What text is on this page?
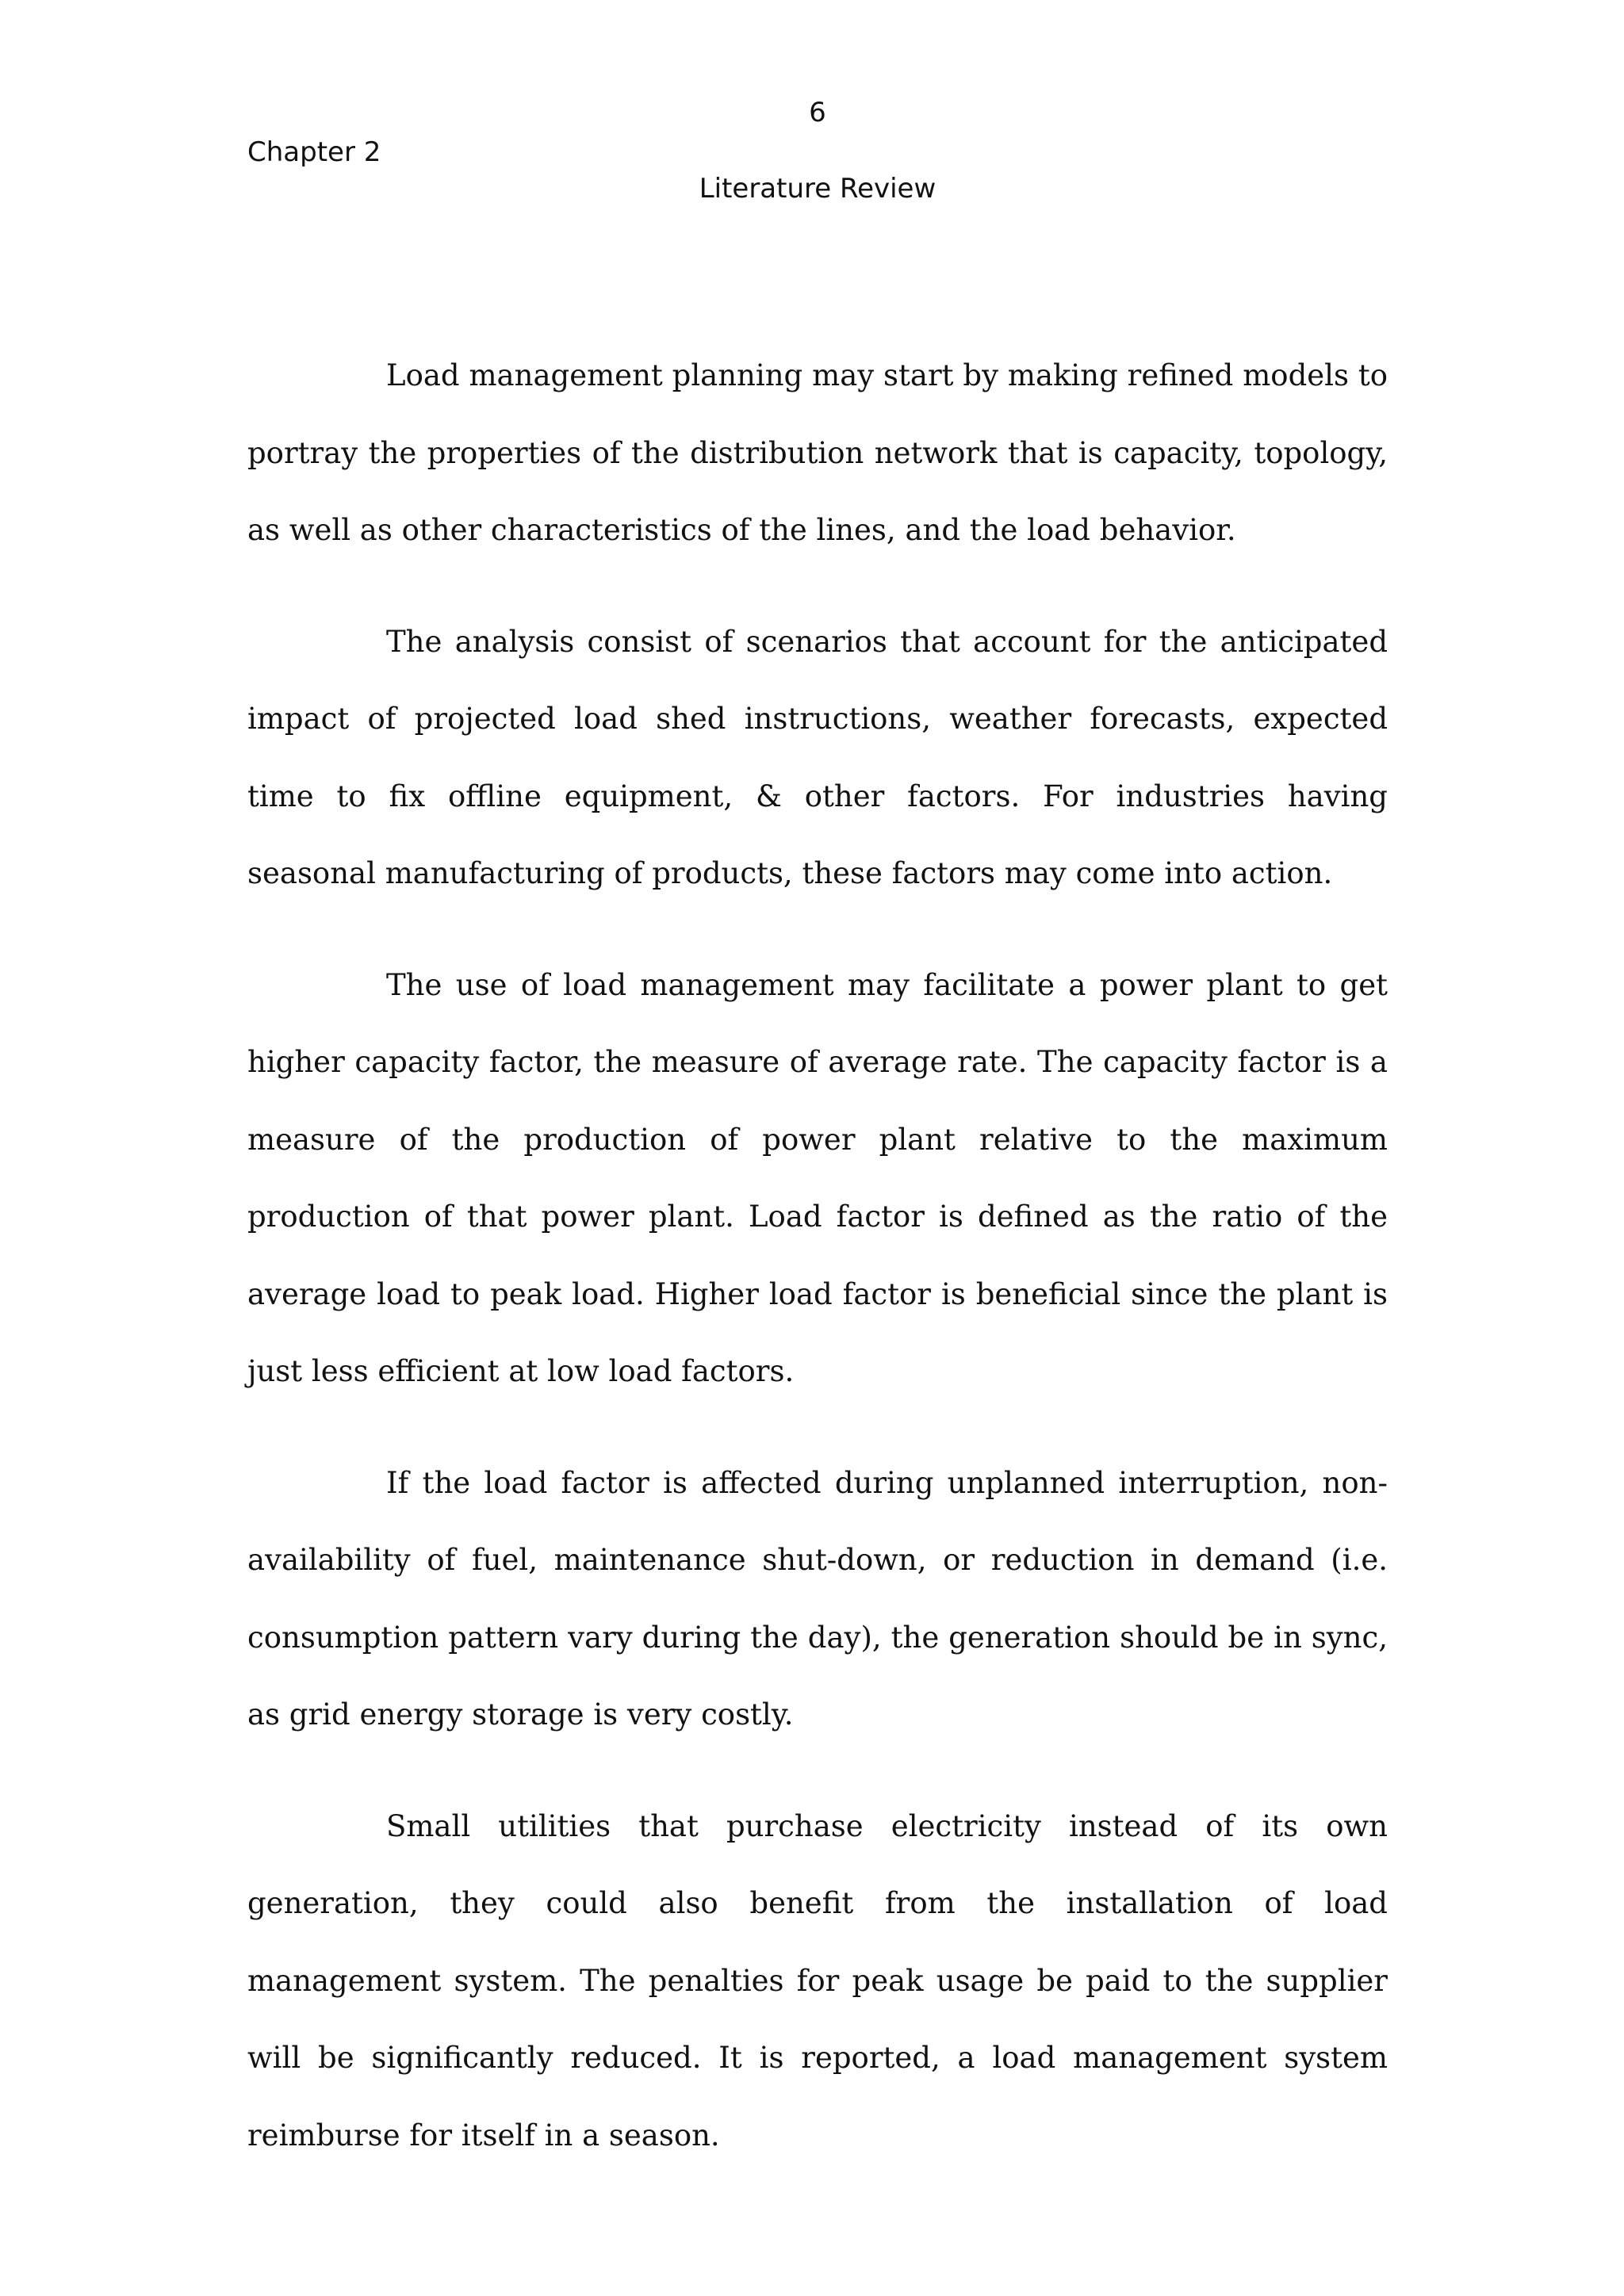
6
Chapter 2
Literature Review

Load management planning may start by making refined models to portray the properties of the distribution network that is capacity, topology, as well as other characteristics of the lines, and the load behavior.

The analysis consist of scenarios that account for the anticipated impact of projected load shed instructions, weather forecasts, expected time to fix offline equipment, & other factors. For industries having seasonal manufacturing of products, these factors may come into action.

The use of load management may facilitate a power plant to get higher capacity factor, the measure of average rate. The capacity factor is a measure of the production of power plant relative to the maximum production of that power plant. Load factor is defined as the ratio of the average load to peak load. Higher load factor is beneficial since the plant is just less efficient at low load factors.

If the load factor is affected during unplanned interruption, non-availability of fuel, maintenance shut-down, or reduction in demand (i.e. consumption pattern vary during the day), the generation should be in sync, as grid energy storage is very costly.

Small utilities that purchase electricity instead of its own generation, they could also benefit from the installation of load management system. The penalties for peak usage be paid to the supplier will be significantly reduced. It is reported, a load management system reimburse for itself in a season.
